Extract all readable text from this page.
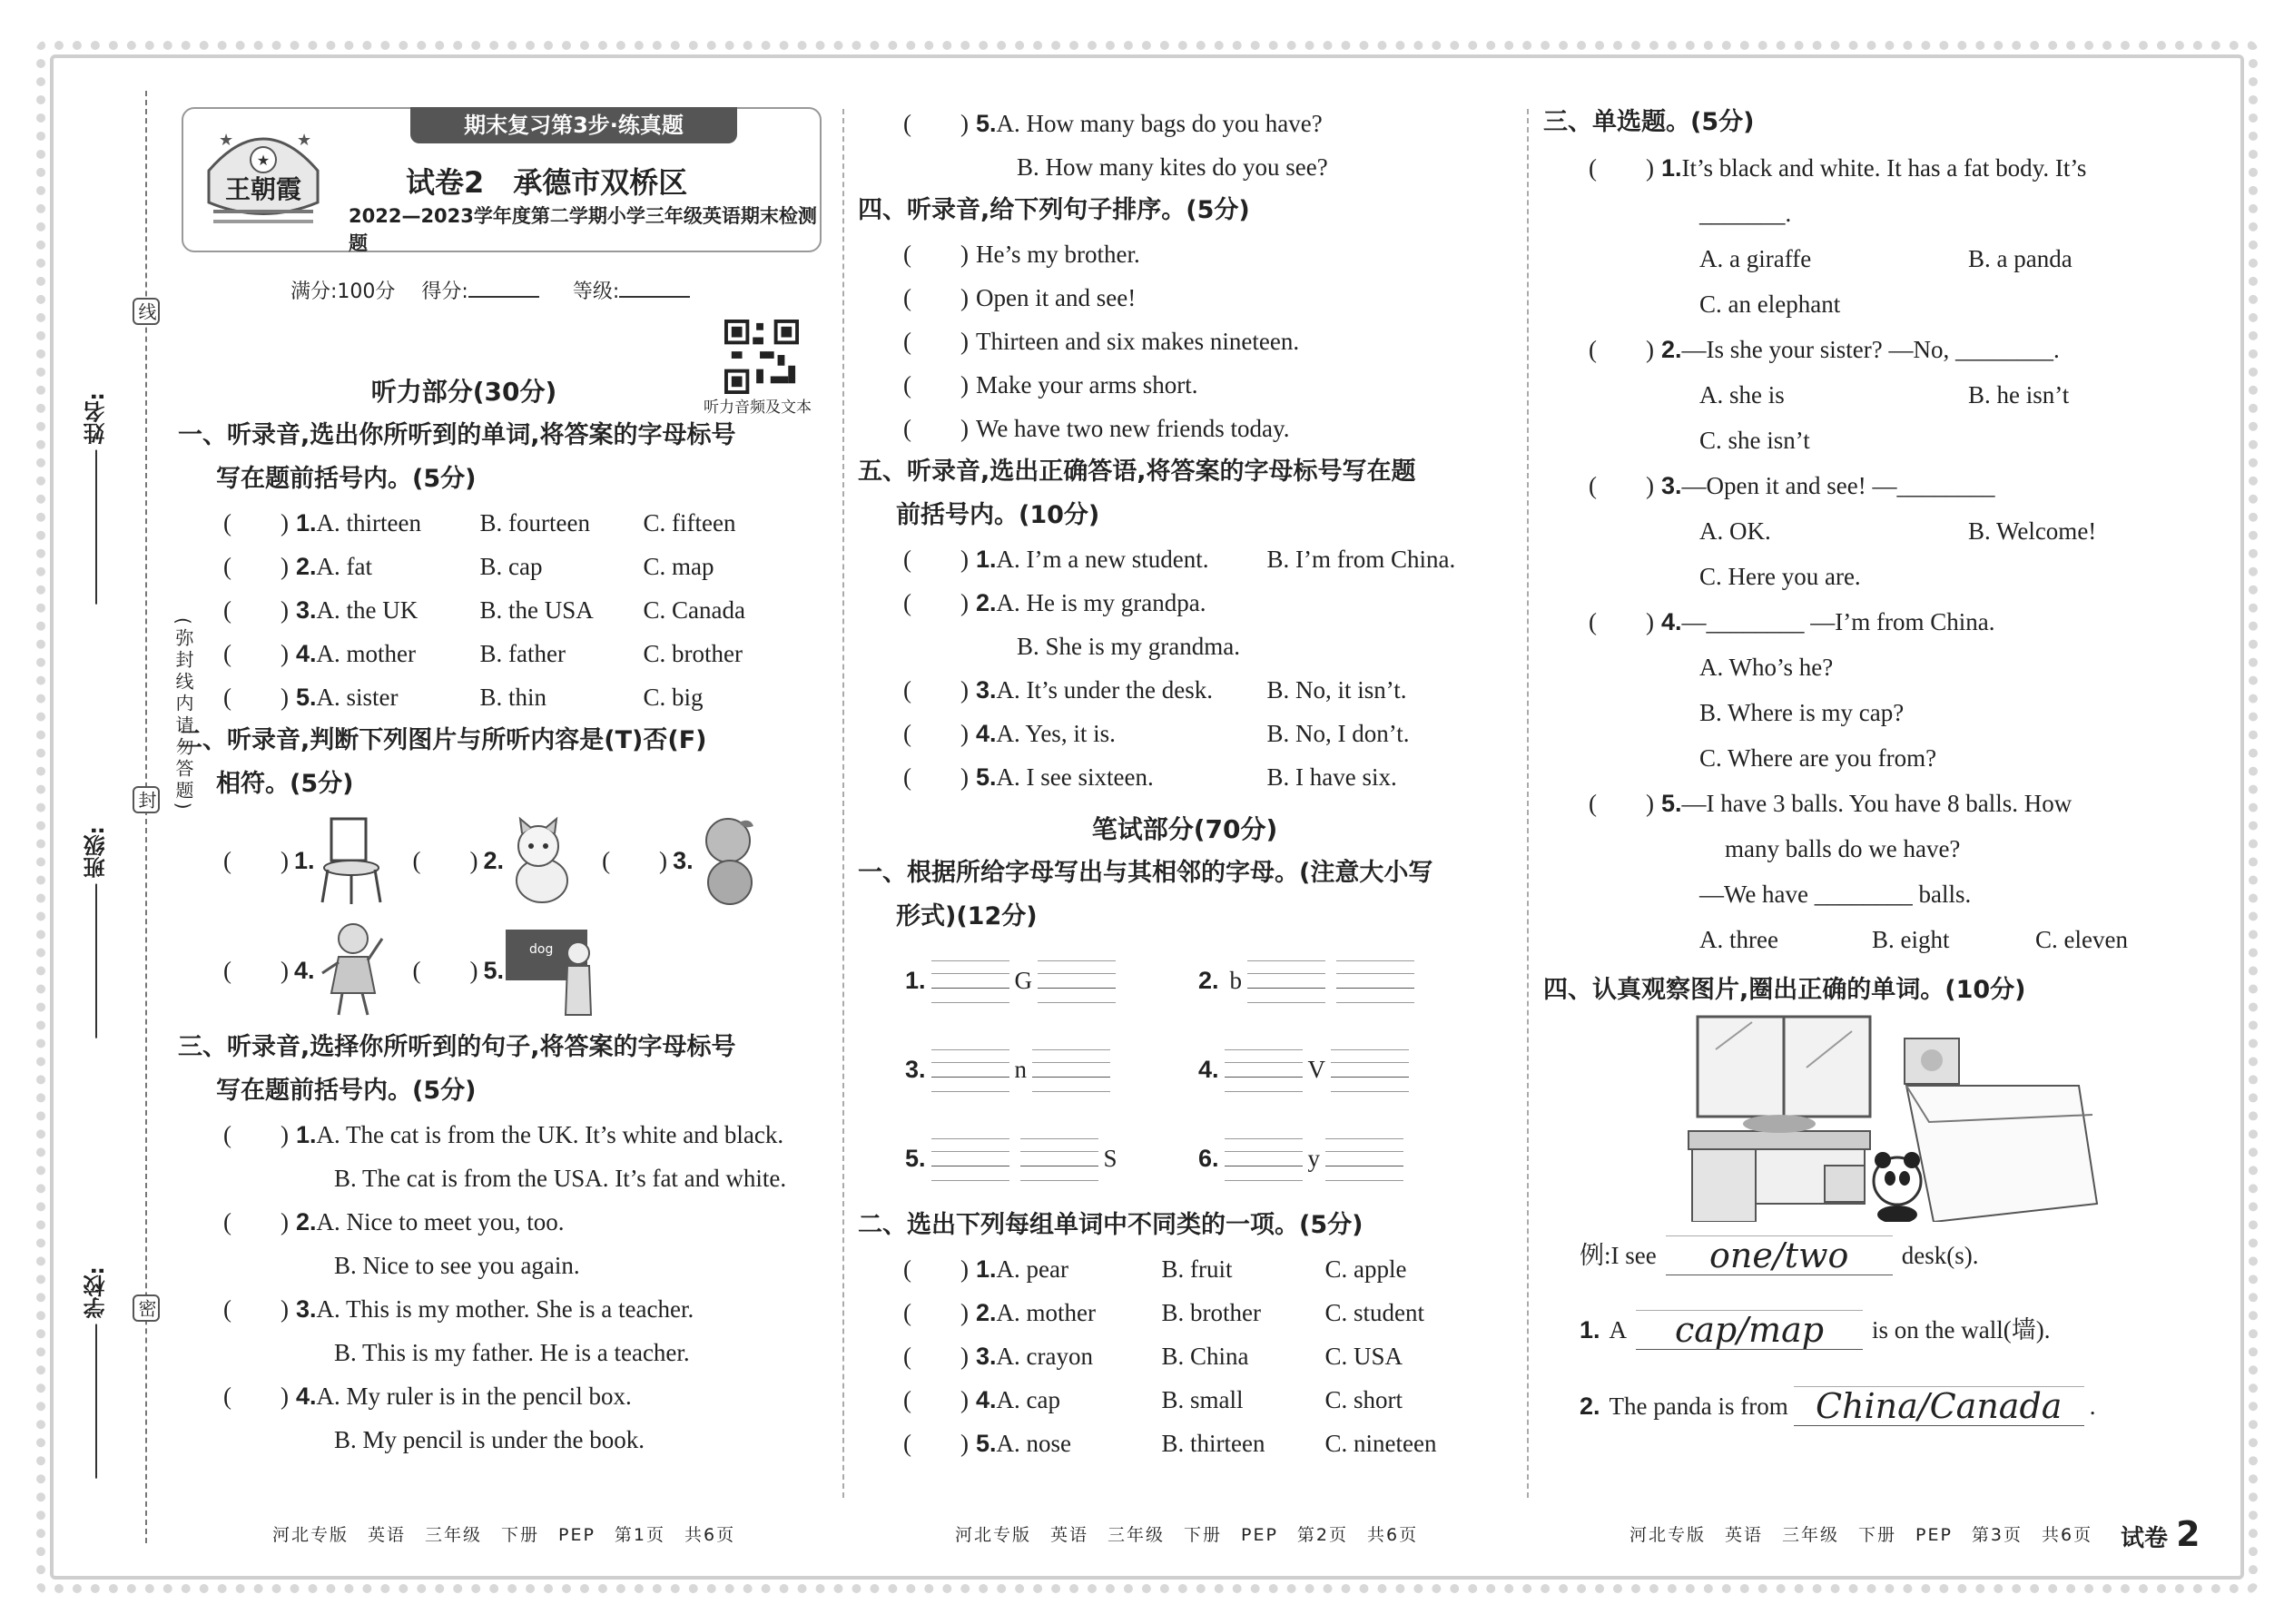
线
封
密
姓名:
班级:
学校:
(弥封线内请勿答题)
★
★	★
王朝霞
期末复习第3步·练真题
试卷2　承德市双桥区
2022—2023学年度第二学期小学三年级英语期末检测题
满分:100分　 得分:	等级:
听力音频及文本
听力部分(30分)
一、听录音,选出你所听到的单词,将答案的字母标号
写在题前括号内。(5分)
(　　) 1. A. thirteen	B. fourteen	C. fifteen
(　　) 2. A. fat	B. cap	C. map
(　　) 3. A. the UK	B. the USA	C. Canada
(　　) 4. A. mother	B. father	C. brother
(　　) 5. A. sister	B. thin	C. big
二、听录音,判断下列图片与所听内容是(T)否(F)
相符。(5分)
(　　) 1.	(　　) 2.	(　　) 3.
(　　) 4.	(　　) 5.
dog
三、听录音,选择你所听到的句子,将答案的字母标号
写在题前括号内。(5分)
(　　) 1. A. The cat is from the UK. It’s white and black.
B. The cat is from the USA. It’s fat and white.
(　　) 2. A. Nice to meet you, too.
B. Nice to see you again.
(　　) 3. A. This is my mother. She is a teacher.
B. This is my father. He is a teacher.
(　　) 4. A. My ruler is in the pencil box.
B. My pencil is under the book.
(　　) 5. A. How many bags do you have?
B. How many kites do you see?
四、听录音,给下列句子排序。(5分)
(　　) He’s my brother.
(　　) Open it and see!
(　　) Thirteen and six makes nineteen.
(　　) Make your arms short.
(　　) We have two new friends today.
五、听录音,选出正确答语,将答案的字母标号写在题
前括号内。(10分)
(　　) 1. A. I’m a new student.	B. I’m from China.
(　　) 2. A. He is my grandpa.
B. She is my grandma.
(　　) 3. A. It’s under the desk.	B. No, it isn’t.
(　　) 4. A. Yes, it is.	B. No, I don’t.
(　　) 5. A. I see sixteen.	B. I have six.
笔试部分(70分)
一、根据所给字母写出与其相邻的字母。(注意大小写
形式)(12分)
1.	G	2. b
3.	n	4.	V
5.	S	6.	y
二、选出下列每组单词中不同类的一项。(5分)
(　　) 1. A. pear	B. fruit	C. apple
(　　) 2. A. mother	B. brother	C. student
(　　) 3. A. crayon	B. China	C. USA
(　　) 4. A. cap	B. small	C. short
(　　) 5. A. nose	B. thirteen	C. nineteen
三、单选题。(5分)
(　　) 1. It’s black and white. It has a fat body. It’s
_______.
A. a giraffe	B. a panda
C. an elephant
(　　) 2. —Is she your sister? —No, ________.
A. she is	B. he isn’t
C. she isn’t
(　　) 3. —Open it and see! —________
A. OK.	B. Welcome!
C. Here you are.
(　　) 4. —________ —I’m from China.
A. Who’s he?
B. Where is my cap?
C. Where are you from?
(　　) 5. —I have 3 balls. You have 8 balls. How
many balls do we have?
—We have ________ balls.
A. three	B. eight	C. eleven
四、认真观察图片,圈出正确的单词。(10分)
例:I see	one/two	desk(s).
1. A	cap/map	is on the wall(墙).
2. The panda is from China/Canada	.
河北专版　英语　三年级　下册　PEP　第1页　共6页	河北专版　英语　三年级　下册　PEP　第2页　共6页	河北专版　英语　三年级　下册　PEP　第3页　共6页 试卷 2
